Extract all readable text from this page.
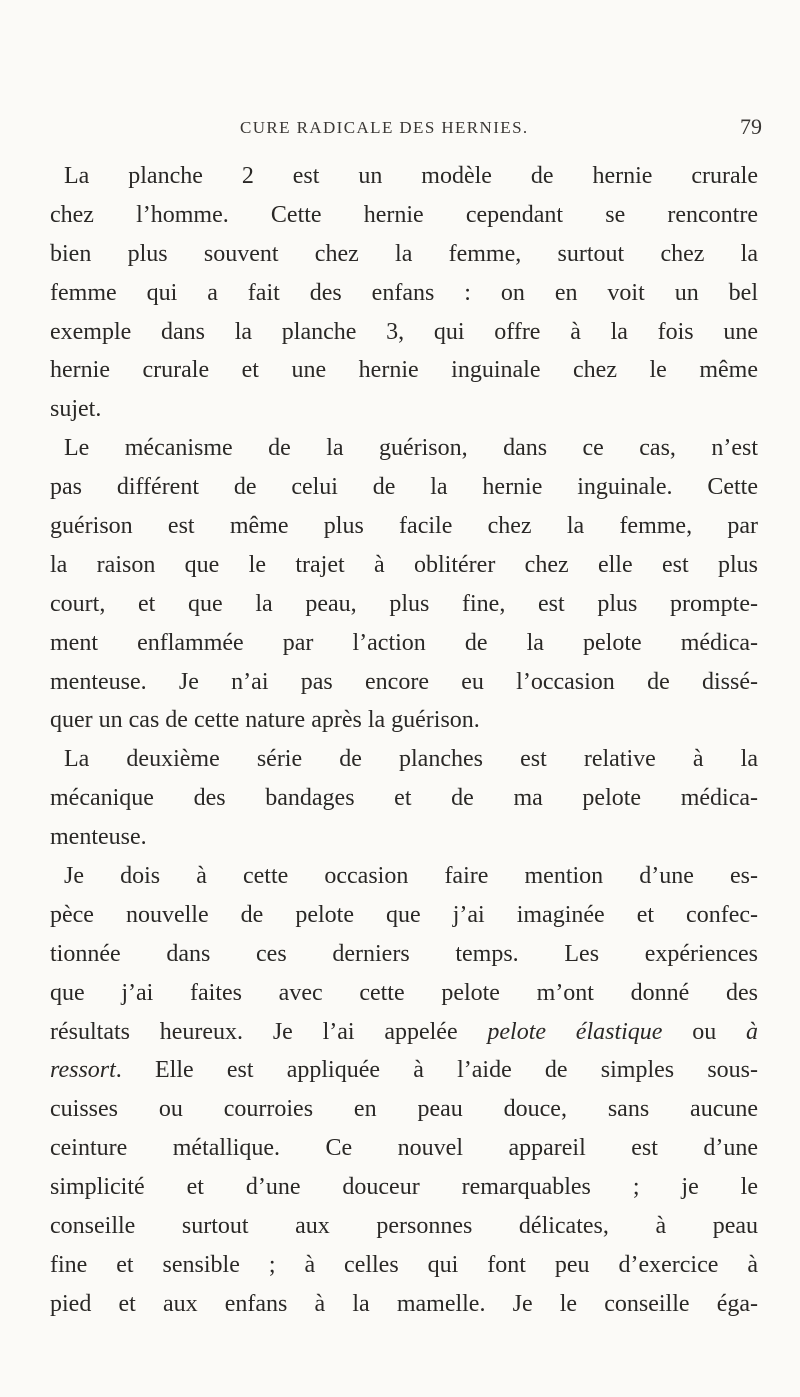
CURE RADICALE DES HERNIES.	79
La planche 2 est un modèle de hernie crurale
chez l’homme. Cette hernie cependant se rencontre
bien plus souvent chez la femme, surtout chez la
femme qui a fait des enfans : on en voit un bel
exemple dans la planche 3, qui offre à la fois une
hernie crurale et une hernie inguinale chez le même
sujet.
Le mécanisme de la guérison, dans ce cas, n’est
pas différent de celui de la hernie inguinale. Cette
guérison est même plus facile chez la femme, par
la raison que le trajet à oblitérer chez elle est plus
court, et que la peau, plus fine, est plus prompte-
ment enflammée par l’action de la pelote médica-
menteuse. Je n’ai pas encore eu l’occasion de dissé-
quer un cas de cette nature après la guérison.
La deuxième série de planches est relative à la
mécanique des bandages et de ma pelote médica-
menteuse.
Je dois à cette occasion faire mention d’une es-
pèce nouvelle de pelote que j’ai imaginée et confec-
tionnée dans ces derniers temps. Les expériences
que j’ai faites avec cette pelote m’ont donné des
résultats heureux. Je l’ai appelée pelote élastique ou à
ressort. Elle est appliquée à l’aide de simples sous-
cuisses ou courroies en peau douce, sans aucune
ceinture métallique. Ce nouvel appareil est d’une
simplicité et d’une douceur remarquables ; je le
conseille surtout aux personnes délicates, à peau
fine et sensible ; à celles qui font peu d’exercice à
pied et aux enfans à la mamelle. Je le conseille éga-
